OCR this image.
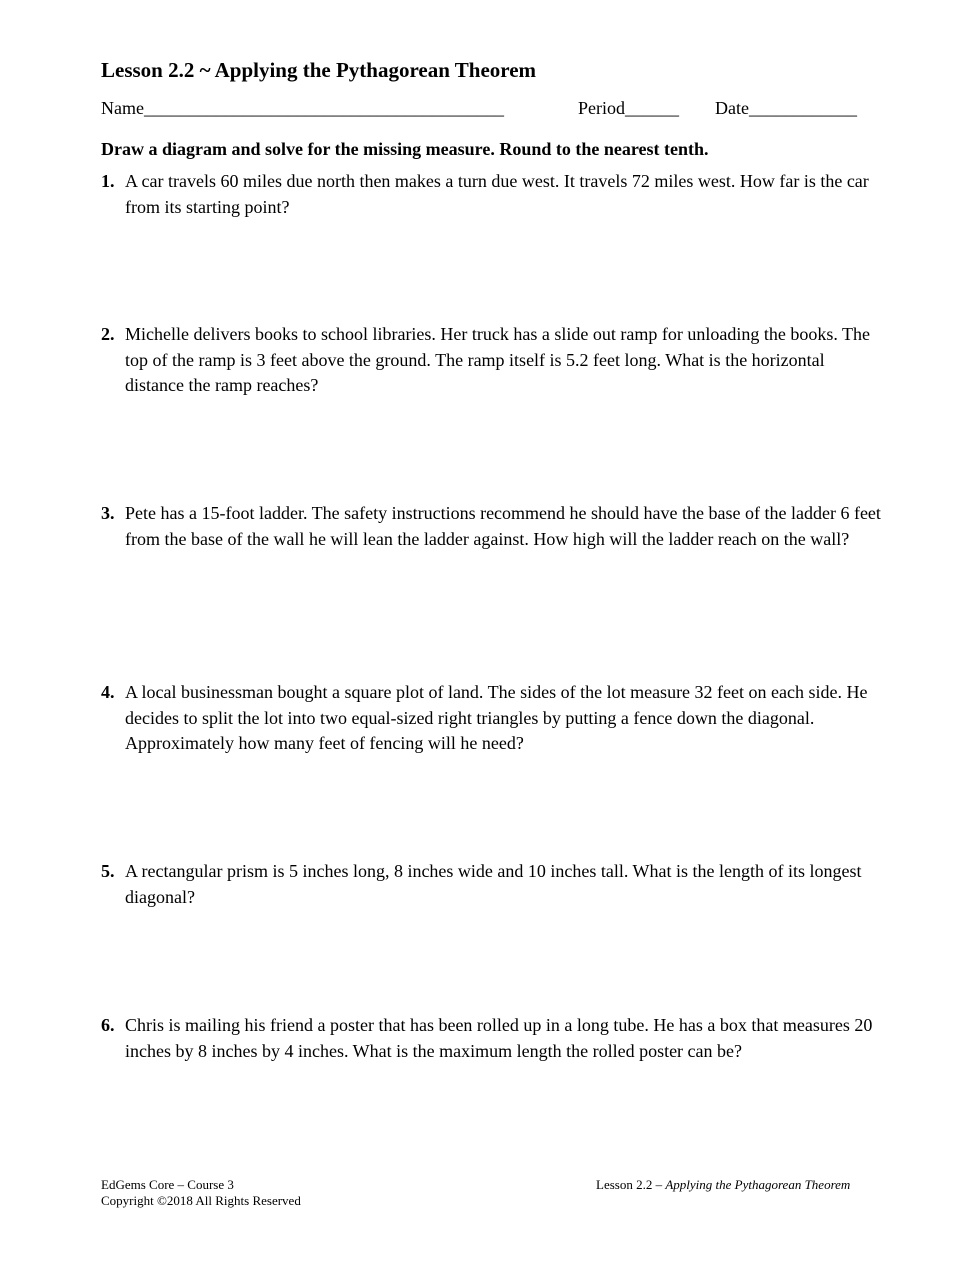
Lesson 2.2 ~ Applying the Pythagorean Theorem
Name________________________________________	Period______ Date____________
Draw a diagram and solve for the missing measure. Round to the nearest tenth.
1. A car travels 60 miles due north then makes a turn due west. It travels 72 miles west. How far is the car from its starting point?
2. Michelle delivers books to school libraries. Her truck has a slide out ramp for unloading the books. The top of the ramp is 3 feet above the ground. The ramp itself is 5.2 feet long. What is the horizontal distance the ramp reaches?
3. Pete has a 15-foot ladder. The safety instructions recommend he should have the base of the ladder 6 feet from the base of the wall he will lean the ladder against. How high will the ladder reach on the wall?
4. A local businessman bought a square plot of land. The sides of the lot measure 32 feet on each side. He decides to split the lot into two equal-sized right triangles by putting a fence down the diagonal. Approximately how many feet of fencing will he need?
5. A rectangular prism is 5 inches long, 8 inches wide and 10 inches tall. What is the length of its longest diagonal?
6. Chris is mailing his friend a poster that has been rolled up in a long tube. He has a box that measures 20 inches by 8 inches by 4 inches. What is the maximum length the rolled poster can be?
EdGems Core – Course 3
Copyright ©2018 All Rights Reserved
Lesson 2.2 – Applying the Pythagorean Theorem
